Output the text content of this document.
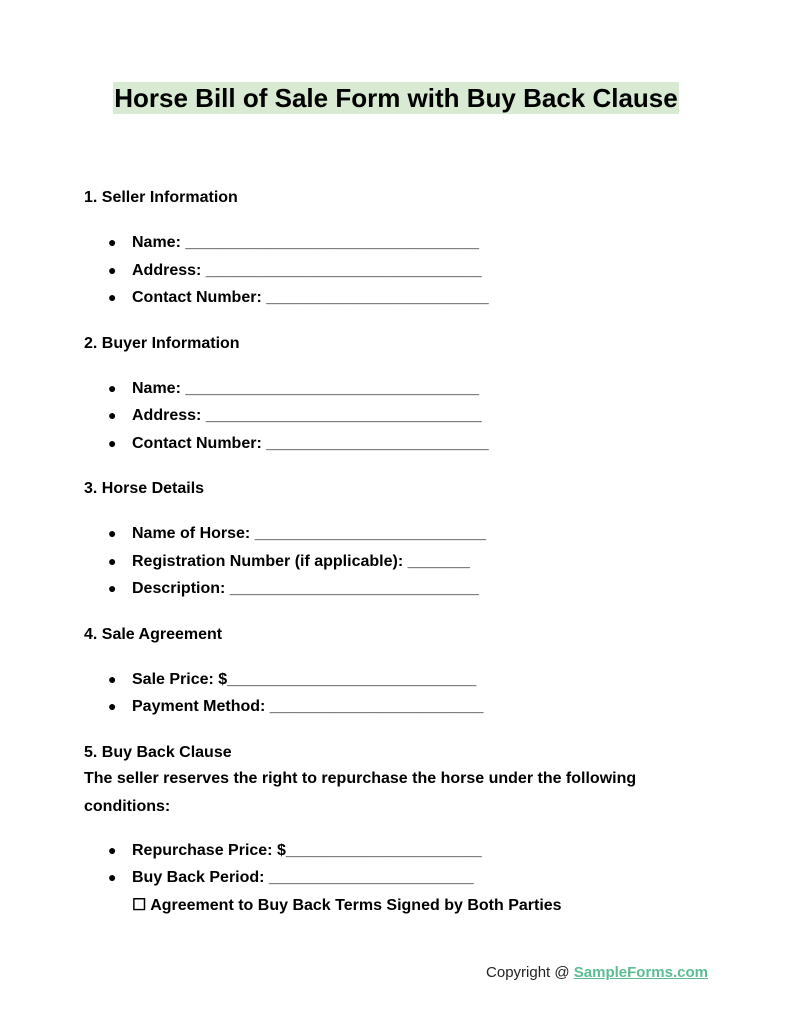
Horse Bill of Sale Form with Buy Back Clause

1. Seller Information

● Name: _________________________________
● Address: _______________________________
● Contact Number: _________________________

2. Buyer Information

● Name: _________________________________
● Address: _______________________________
● Contact Number: _________________________

3. Horse Details

● Name of Horse: __________________________
● Registration Number (if applicable): _______
● Description: ____________________________

4. Sale Agreement

● Sale Price: $____________________________
● Payment Method: ________________________

5. Buy Back Clause

The seller reserves the right to repurchase the horse under the following conditions:

● Repurchase Price: $______________________
● Buy Back Period: _______________________
☐ Agreement to Buy Back Terms Signed by Both Parties
Copyright @ SampleForms.com
